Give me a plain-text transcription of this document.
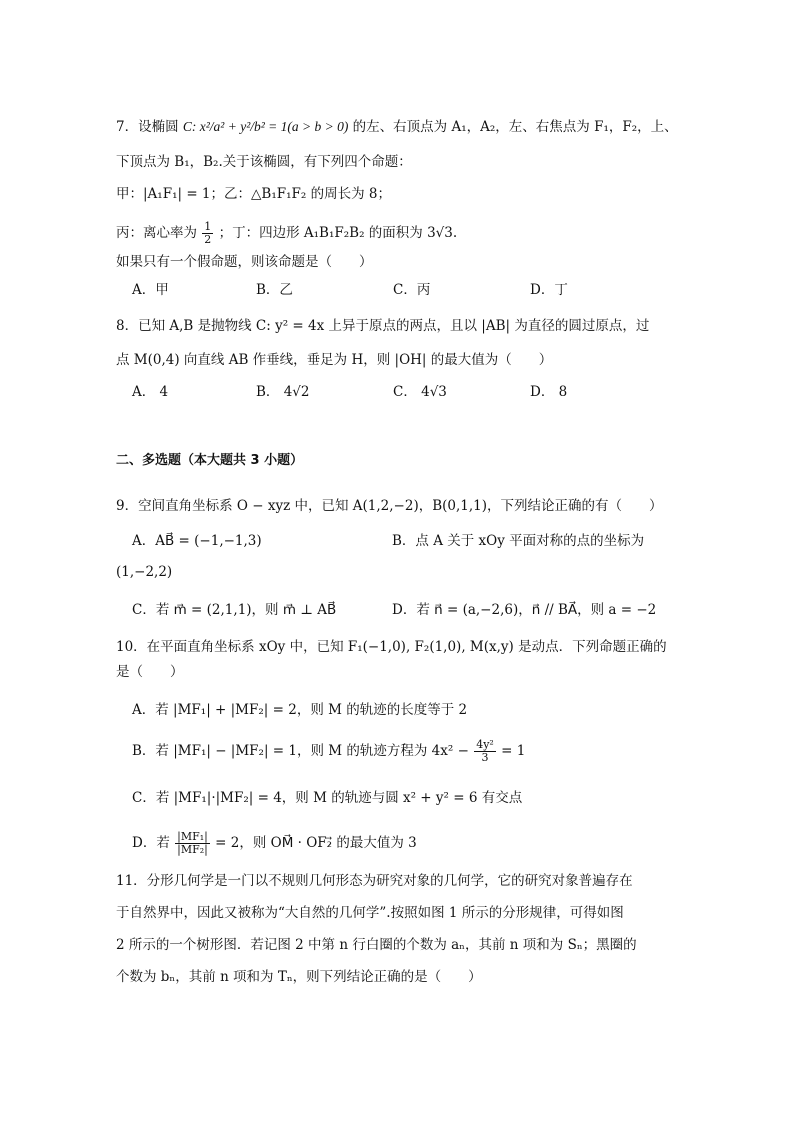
7．设椭圆 C: x²/a² + y²/b² = 1(a > b > 0) 的左、右顶点为 A₁，A₂，左、右焦点为 F₁，F₂，上、
下顶点为 B₁，B₂.关于该椭圆，有下列四个命题：
甲：|A₁F₁| = 1；乙：△B₁F₁F₂ 的周长为 8；
丙：离心率为 $\frac{1}{2}$ ；丁：四边形 A₁B₁F₂B₂ 的面积为 3√3.
如果只有一个假命题，则该命题是（　　）
A．甲	B．乙	C．丙	D．丁
8．已知 A,B 是抛物线 C: y² = 4x 上异于原点的两点，且以 |AB| 为直径的圆过原点，过
点 M(0,4) 向直线 AB 作垂线，垂足为 H，则 |OH| 的最大值为（　　）
A． 4	B． 4√2	C． 4√3	D． 8
二、多选题（本大题共 3 小题）
9．空间直角坐标系 O − xyz 中，已知 A(1,2,−2)，B(0,1,1)，下列结论正确的有（　　）
A．AB⃗ = (−1,−1,3)	B．点 A 关于 xOy 平面对称的点的坐标为
(1,−2,2)
C．若 m⃗ = (2,1,1)，则 m⃗ ⊥ AB⃗	D．若 n⃗ = (a,−2,6)，n⃗ // BA⃗，则 a = −2
10．在平面直角坐标系 xOy 中，已知 F₁(−1,0), F₂(1,0), M(x,y) 是动点．下列命题正确的
是（　　）
A．若 |MF₁| + |MF₂| = 2，则 M 的轨迹的长度等于 2
B．若 |MF₁| − |MF₂| = 1，则 M 的轨迹方程为 $4x^2 - \frac{\text{4y²}}{3} = 1$
C．若 |MF₁|·|MF₂| = 4，则 M 的轨迹与圆 x² + y² = 6 有交点
D．若 $\frac{\text{|MF₁|}}{\text{|MF₂|}} = 2$，则 OM⃗ · OF₂⃗ 的最大值为 3
11．分形几何学是一门以不规则几何形态为研究对象的几何学，它的研究对象普遍存在
于自然界中，因此又被称为“大自然的几何学”.按照如图 1 所示的分形规律，可得如图
2 所示的一个树形图．若记图 2 中第 n 行白圈的个数为 aₙ，其前 n 项和为 Sₙ；黑圈的
个数为 bₙ，其前 n 项和为 Tₙ，则下列结论正确的是（　　）
